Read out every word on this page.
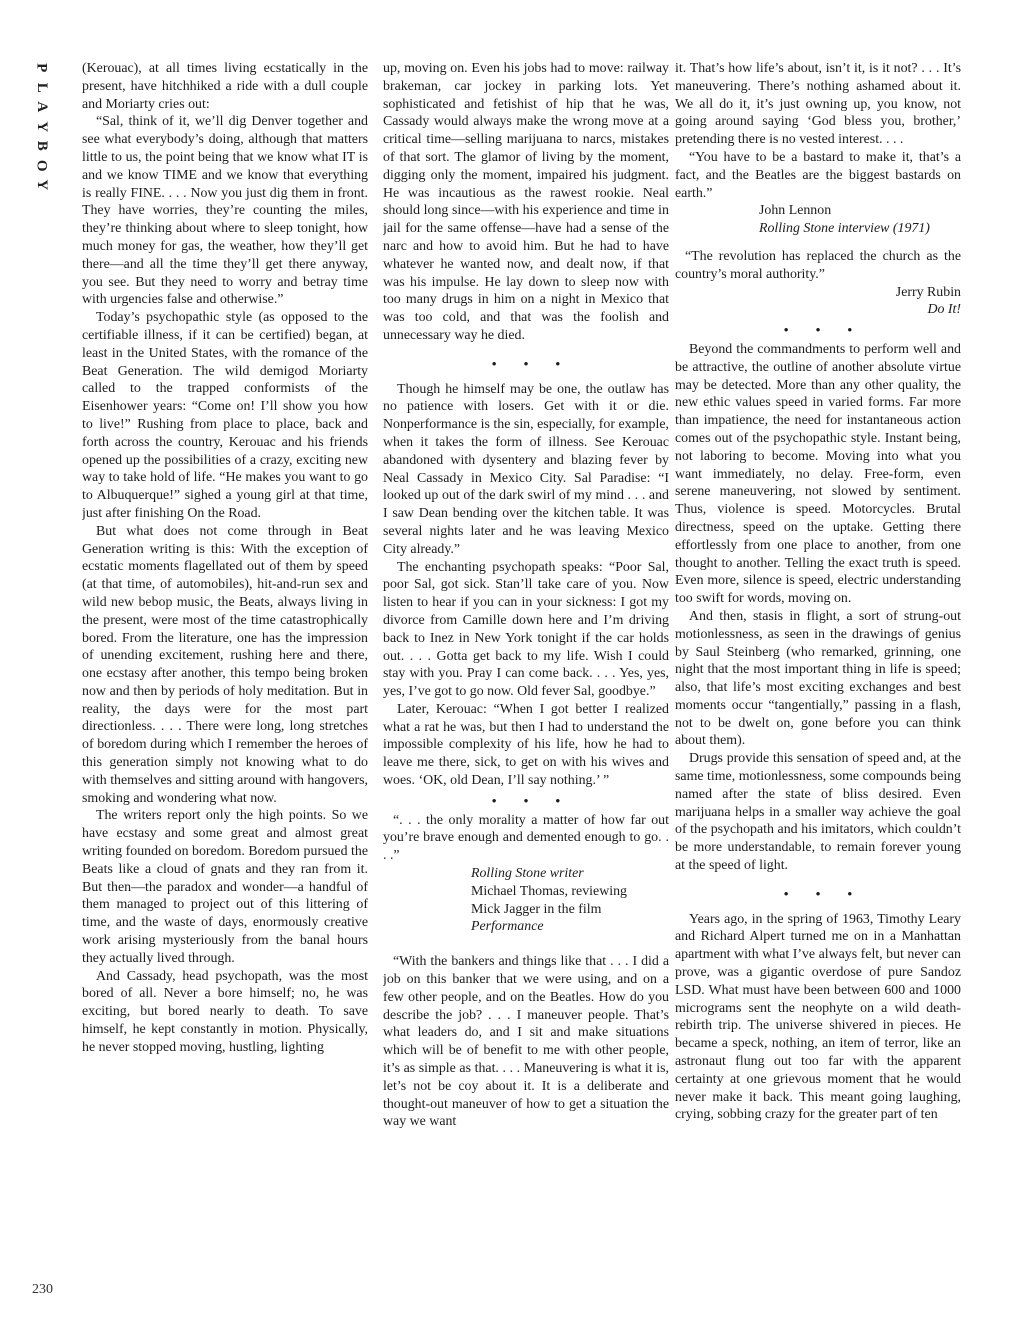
P
L
A
Y
B
O
Y

(Kerouac), at all times living ecstatically in the present, have hitchhiked a ride with a dull couple and Moriarty cries out:

“Sal, think of it, we’ll dig Denver together and see what everybody’s doing, although that matters little to us, the point being that we know what IT is and we know TIME and we know that everything is really FINE. . . . Now you just dig them in front. They have worries, they’re counting the miles, they’re thinking about where to sleep tonight, how much money for gas, the weather, how they’ll get there—and all the time they’ll get there anyway, you see. But they need to worry and betray time with urgencies false and otherwise.”

Today’s psychopathic style (as opposed to the certifiable illness, if it can be certified) began, at least in the United States, with the romance of the Beat Generation. The wild demigod Moriarty called to the trapped conformists of the Eisenhower years: “Come on! I’ll show you how to live!” Rushing from place to place, back and forth across the country, Kerouac and his friends opened up the possibilities of a crazy, exciting new way to take hold of life. “He makes you want to go to Albuquerque!” sighed a young girl at that time, just after finishing On the Road.

But what does not come through in Beat Generation writing is this: With the exception of ecstatic moments flagellated out of them by speed (at that time, of automobiles), hit-and-run sex and wild new bebop music, the Beats, always living in the present, were most of the time catastrophically bored. From the literature, one has the impression of unending excitement, rushing here and there, one ecstasy after another, this tempo being broken now and then by periods of holy meditation. But in reality, the days were for the most part directionless. . . . There were long, long stretches of boredom during which I remember the heroes of this generation simply not knowing what to do with themselves and sitting around with hangovers, smoking and wondering what now.

The writers report only the high points. So we have ecstasy and some great and almost great writing founded on boredom. Boredom pursued the Beats like a cloud of gnats and they ran from it. But then—the paradox and wonder—a handful of them managed to project out of this littering of time, and the waste of days, enormously creative work arising mysteriously from the banal hours they actually lived through.

And Cassady, head psychopath, was the most bored of all. Never a bore himself; no, he was exciting, but bored nearly to death. To save himself, he kept constantly in motion. Physically, he never stopped moving, hustling, lighting

up, moving on. Even his jobs had to move: railway brakeman, car jockey in parking lots. Yet sophisticated and fetishist of hip that he was, Cassady would always make the wrong move at a critical time—selling marijuana to narcs, mistakes of that sort. The glamor of living by the moment, digging only the moment, impaired his judgment. He was incautious as the rawest rookie. Neal should long since—with his experience and time in jail for the same offense—have had a sense of the narc and how to avoid him. But he had to have whatever he wanted now, and dealt now, if that was his impulse. He lay down to sleep now with too many drugs in him on a night in Mexico that was too cold, and that was the foolish and unnecessary way he died.

• • •

Though he himself may be one, the outlaw has no patience with losers. Get with it or die. Nonperformance is the sin, especially, for example, when it takes the form of illness. See Kerouac abandoned with dysentery and blazing fever by Neal Cassady in Mexico City. Sal Paradise: “I looked up out of the dark swirl of my mind . . . and I saw Dean bending over the kitchen table. It was several nights later and he was leaving Mexico City already.”

The enchanting psychopath speaks: “Poor Sal, poor Sal, got sick. Stan’ll take care of you. Now listen to hear if you can in your sickness: I got my divorce from Camille down here and I’m driving back to Inez in New York tonight if the car holds out. . . . Gotta get back to my life. Wish I could stay with you. Pray I can come back. . . . Yes, yes, yes, I’ve got to go now. Old fever Sal, goodbye.”

Later, Kerouac: “When I got better I realized what a rat he was, but then I had to understand the impossible complexity of his life, how he had to leave me there, sick, to get on with his wives and woes. ‘OK, old Dean, I’ll say nothing.’ ”

• • •

“. . . the only morality a matter of how far out you’re brave enough and demented enough to go. . . .”

Rolling Stone writer

Michael Thomas, reviewing

Mick Jagger in the film

Performance

“With the bankers and things like that . . . I did a job on this banker that we were using, and on a few other people, and on the Beatles. How do you describe the job? . . . I maneuver people. That’s what leaders do, and I sit and make situations which will be of benefit to me with other people, it’s as simple as that. . . . Maneuvering is what it is, let’s not be coy about it. It is a deliberate and thought-out maneuver of how to get a situation the way we want

it. That’s how life’s about, isn’t it, is it not? . . . It’s maneuvering. There’s nothing ashamed about it. We all do it, it’s just owning up, you know, not going around saying ‘God bless you, brother,’ pretending there is no vested interest. . . .

“You have to be a bastard to make it, that’s a fact, and the Beatles are the biggest bastards on earth.”

John Lennon

Rolling Stone interview (1971)

“The revolution has replaced the church as the country’s moral authority.”

Jerry Rubin

Do It!

• • •

Beyond the commandments to perform well and be attractive, the outline of another absolute virtue may be detected. More than any other quality, the new ethic values speed in varied forms. Far more than impatience, the need for instantaneous action comes out of the psychopathic style. Instant being, not laboring to become. Moving into what you want immediately, no delay. Free-form, even serene maneuvering, not slowed by sentiment. Thus, violence is speed. Motorcycles. Brutal directness, speed on the uptake. Getting there effortlessly from one place to another, from one thought to another. Telling the exact truth is speed. Even more, silence is speed, electric understanding too swift for words, moving on.

And then, stasis in flight, a sort of strung-out motionlessness, as seen in the drawings of genius by Saul Steinberg (who remarked, grinning, one night that the most important thing in life is speed; also, that life’s most exciting exchanges and best moments occur “tangentially,” passing in a flash, not to be dwelt on, gone before you can think about them).

Drugs provide this sensation of speed and, at the same time, motionlessness, some compounds being named after the state of bliss desired. Even marijuana helps in a smaller way achieve the goal of the psychopath and his imitators, which couldn’t be more understandable, to remain forever young at the speed of light.

• • •

Years ago, in the spring of 1963, Timothy Leary and Richard Alpert turned me on in a Manhattan apartment with what I’ve always felt, but never can prove, was a gigantic overdose of pure Sandoz LSD. What must have been between 600 and 1000 micrograms sent the neophyte on a wild death-rebirth trip. The universe shivered in pieces. He became a speck, nothing, an item of terror, like an astronaut flung out too far with the apparent certainty at one grievous moment that he would never make it back. This meant going laughing, crying, sobbing crazy for the greater part of ten

230
